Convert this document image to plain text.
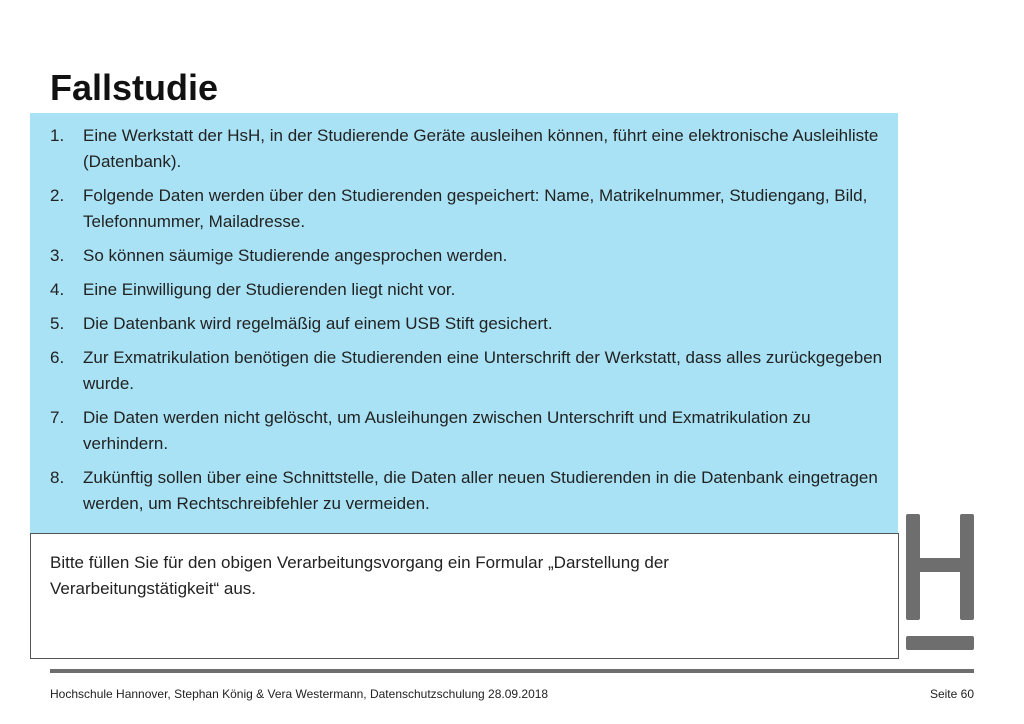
Fallstudie
1. Eine Werkstatt der HsH, in der Studierende Geräte ausleihen können, führt eine elektronische Ausleihliste (Datenbank).
2. Folgende Daten werden über den Studierenden gespeichert: Name, Matrikelnummer, Studiengang, Bild, Telefonnummer, Mailadresse.
3. So können säumige Studierende angesprochen werden.
4. Eine Einwilligung der Studierenden liegt nicht vor.
5. Die Datenbank wird regelmäßig auf einem USB Stift gesichert.
6. Zur Exmatrikulation benötigen die Studierenden eine Unterschrift der Werkstatt, dass alles zurückgegeben wurde.
7. Die Daten werden nicht gelöscht, um Ausleihungen zwischen Unterschrift und Exmatrikulation zu verhindern.
8. Zukünftig sollen über eine Schnittstelle, die Daten aller neuen Studierenden in die Datenbank eingetragen werden, um Rechtschreibfehler zu vermeiden.

Bitte füllen Sie für den obigen Verarbeitungsvorgang ein Formular „Darstellung der Verarbeitungstätigkeit“ aus.

Hochschule Hannover, Stephan König & Vera Westermann, Datenschutzschulung 28.09.2018	Seite 60
